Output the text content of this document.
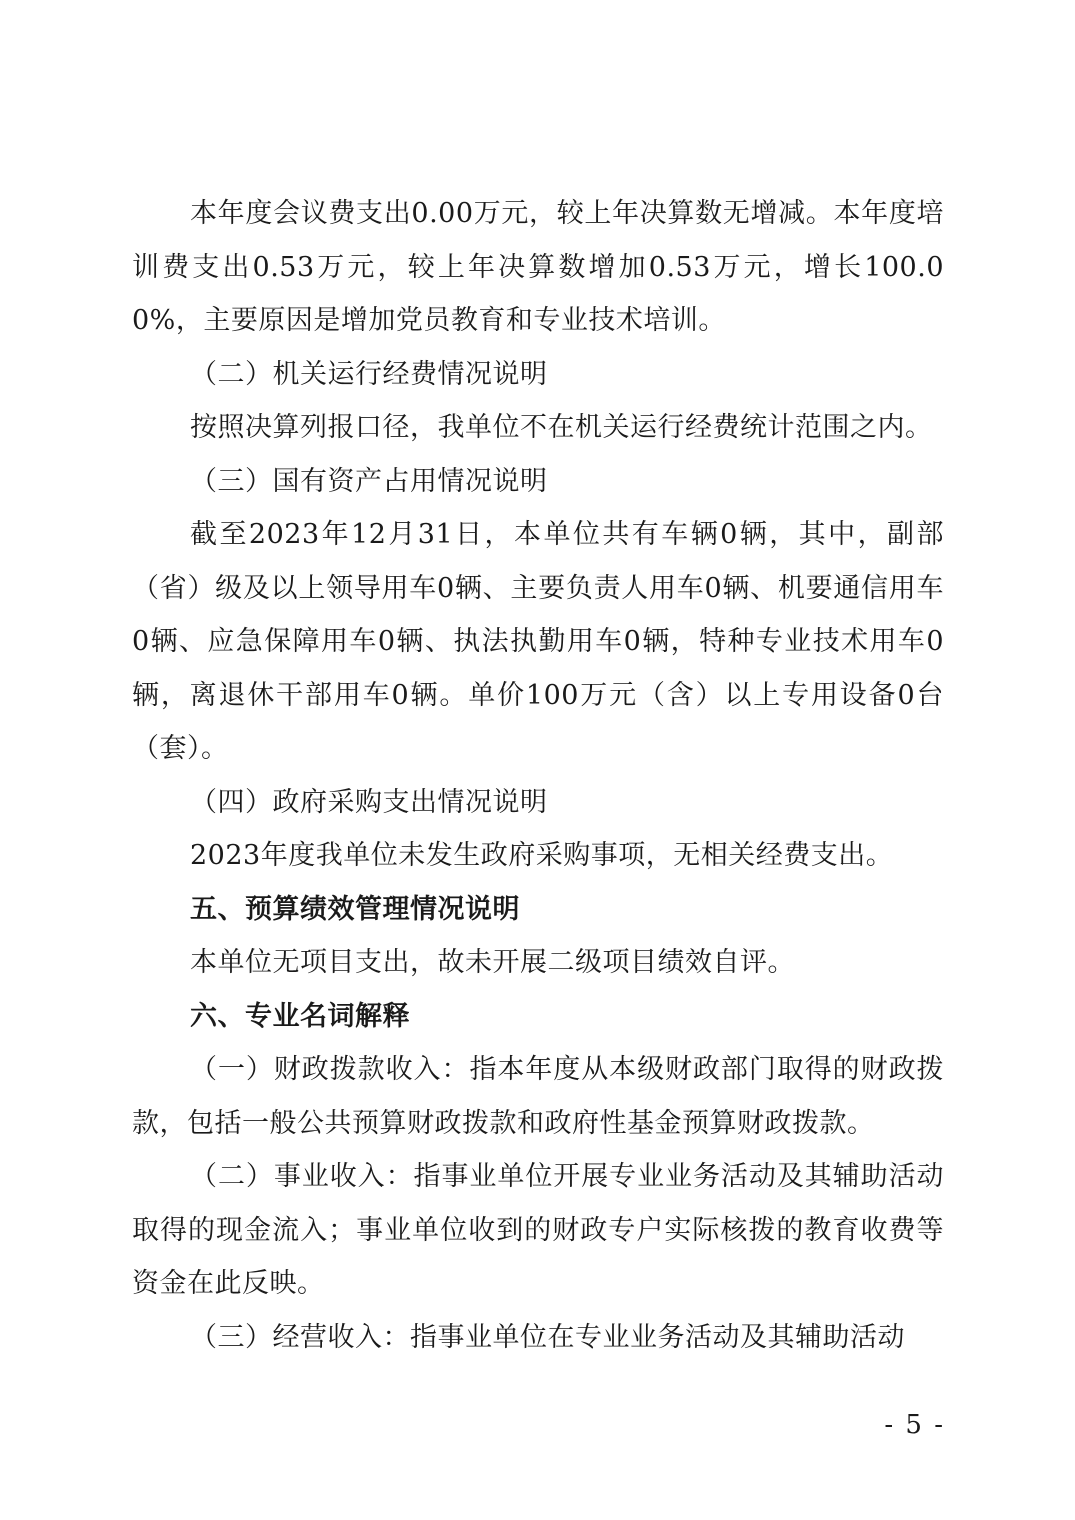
本年度会议费支出0.00万元，较上年决算数无增减。本年度培训费支出0.53万元，较上年决算数增加0.53万元，增长100.00%，主要原因是增加党员教育和专业技术培训。

（二）机关运行经费情况说明

按照决算列报口径，我单位不在机关运行经费统计范围之内。

（三）国有资产占用情况说明

截至2023年12月31日，本单位共有车辆0辆，其中，副部（省）级及以上领导用车0辆、主要负责人用车0辆、机要通信用车0辆、应急保障用车0辆、执法执勤用车0辆，特种专业技术用车0辆，离退休干部用车0辆。单价100万元（含）以上专用设备0台（套）。

（四）政府采购支出情况说明

2023年度我单位未发生政府采购事项，无相关经费支出。

五、预算绩效管理情况说明

本单位无项目支出，故未开展二级项目绩效自评。

六、专业名词解释

（一）财政拨款收入：指本年度从本级财政部门取得的财政拨款，包括一般公共预算财政拨款和政府性基金预算财政拨款。

（二）事业收入：指事业单位开展专业业务活动及其辅助活动取得的现金流入；事业单位收到的财政专户实际核拨的教育收费等资金在此反映。

（三）经营收入：指事业单位在专业业务活动及其辅助活动

- 5 -
